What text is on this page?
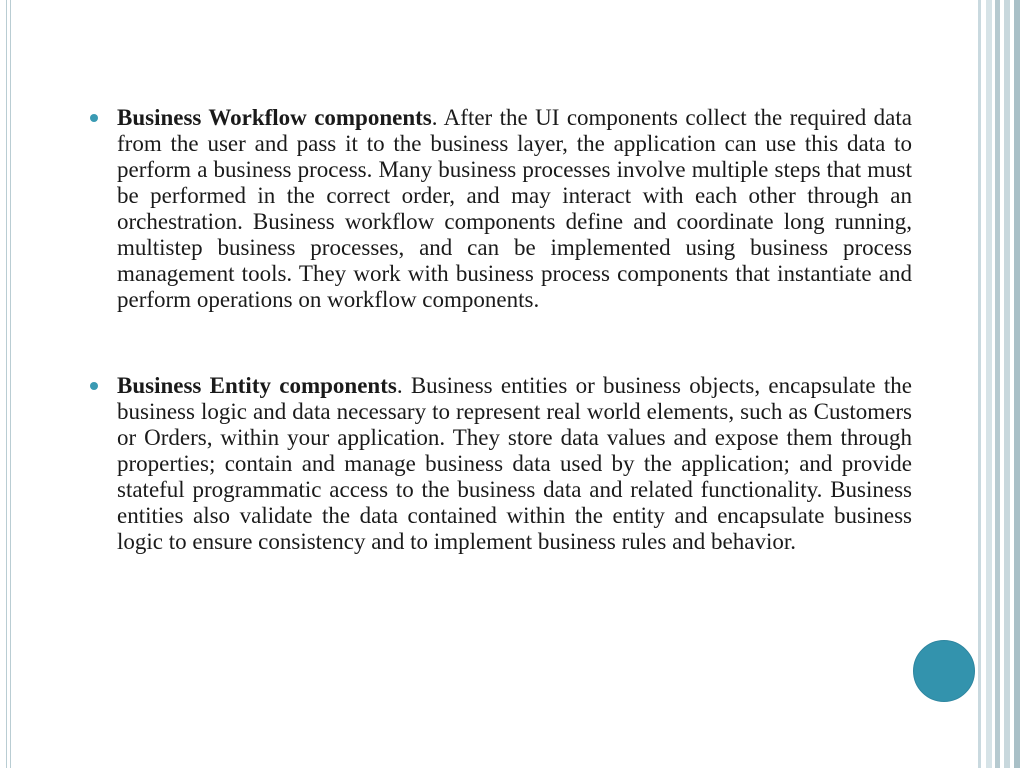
Business Workflow components. After the UI components collect the required data from the user and pass it to the business layer, the application can use this data to perform a business process. Many business processes involve multiple steps that must be performed in the correct order, and may interact with each other through an orchestration. Business workflow components define and coordinate long running, multistep business processes, and can be implemented using business process management tools. They work with business process components that instantiate and perform operations on workflow components.
Business Entity components. Business entities or business objects, encapsulate the business logic and data necessary to represent real world elements, such as Customers or Orders, within your application. They store data values and expose them through properties; contain and manage business data used by the application; and provide stateful programmatic access to the business data and related functionality. Business entities also validate the data contained within the entity and encapsulate business logic to ensure consistency and to implement business rules and behavior.
